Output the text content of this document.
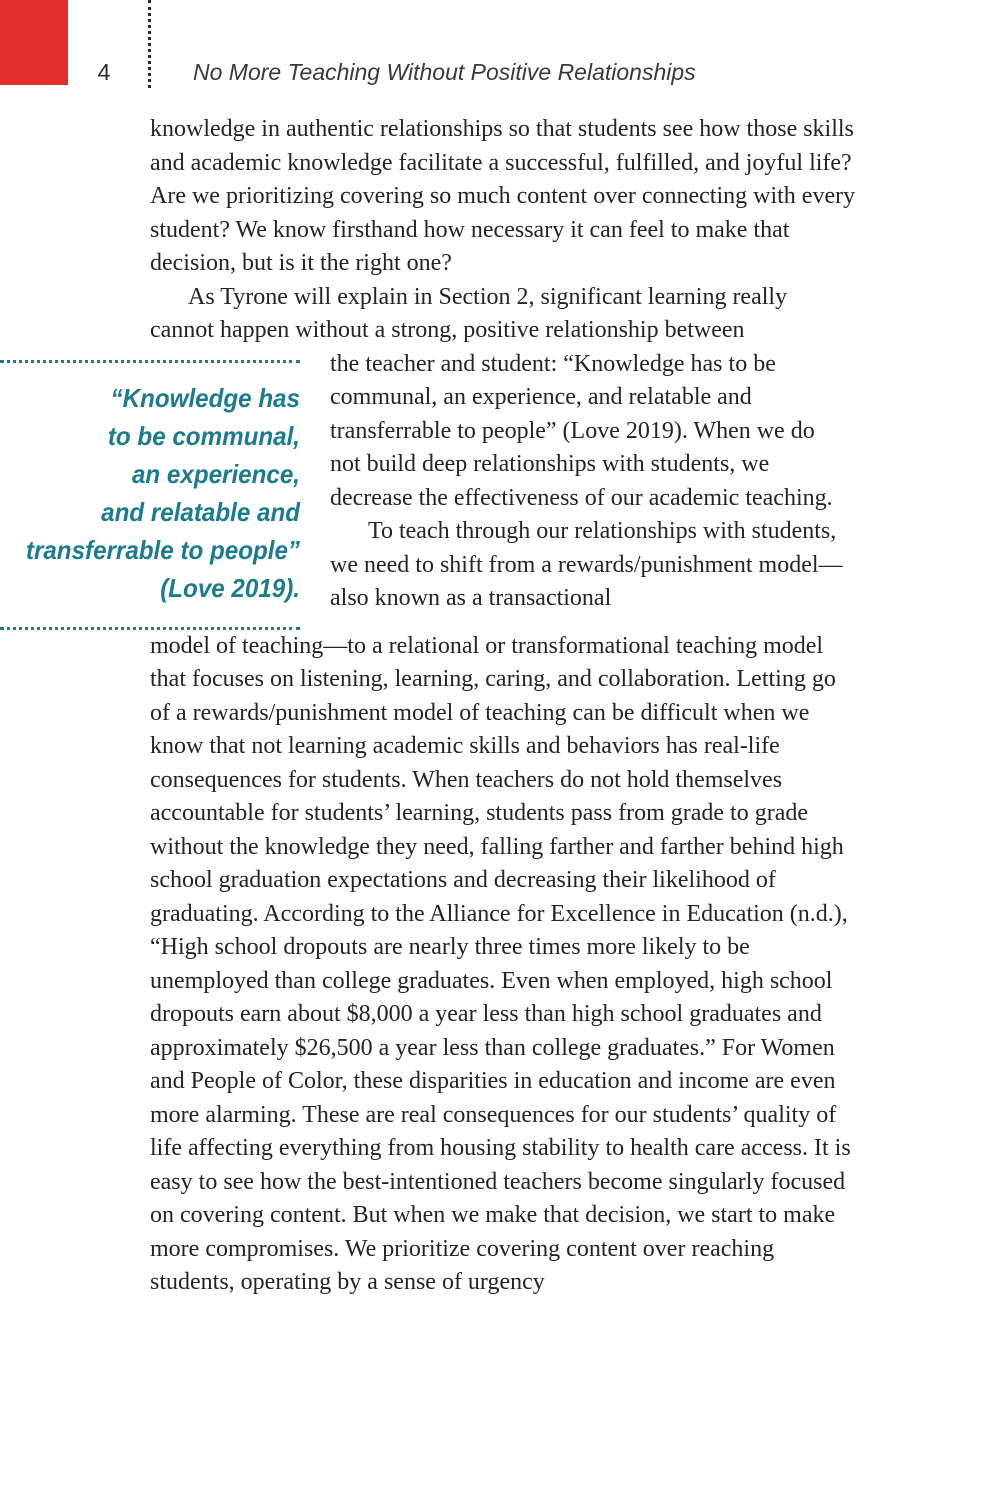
4	No More Teaching Without Positive Relationships

knowledge in authentic relationships so that students see how those skills and academic knowledge facilitate a successful, fulfilled, and joyful life? Are we prioritizing covering so much content over connecting with every student? We know firsthand how necessary it can feel to make that decision, but is it the right one?

As Tyrone will explain in Section 2, significant learning really cannot happen without a strong, positive relationship between

“Knowledge has
to be communal,
an experience,
and relatable and
transferrable to people”
(Love 2019).

the teacher and student: “Knowledge has to be communal, an experience, and relatable and transferrable to people” (Love 2019). When we do not build deep relationships with students, we decrease the effectiveness of our academic teaching.

To teach through our relationships with students, we need to shift from a rewards/punishment model—also known as a transactional

model of teaching—to a relational or transformational teaching model that focuses on listening, learning, caring, and collaboration. Letting go of a rewards/punishment model of teaching can be difficult when we know that not learning academic skills and behaviors has real-life consequences for students. When teachers do not hold themselves accountable for students’ learning, students pass from grade to grade without the knowledge they need, falling farther and farther behind high school graduation expectations and decreasing their likelihood of graduating. According to the Alliance for Excellence in Education (n.d.), “High school dropouts are nearly three times more likely to be unemployed than college graduates. Even when employed, high school dropouts earn about $8,000 a year less than high school graduates and approximately $26,500 a year less than college graduates.” For Women and People of Color, these disparities in education and income are even more alarming. These are real consequences for our students’ quality of life affecting everything from housing stability to health care access. It is easy to see how the best-intentioned teachers become singularly focused on covering content. But when we make that decision, we start to make more compromises. We prioritize covering content over reaching students, operating by a sense of urgency
